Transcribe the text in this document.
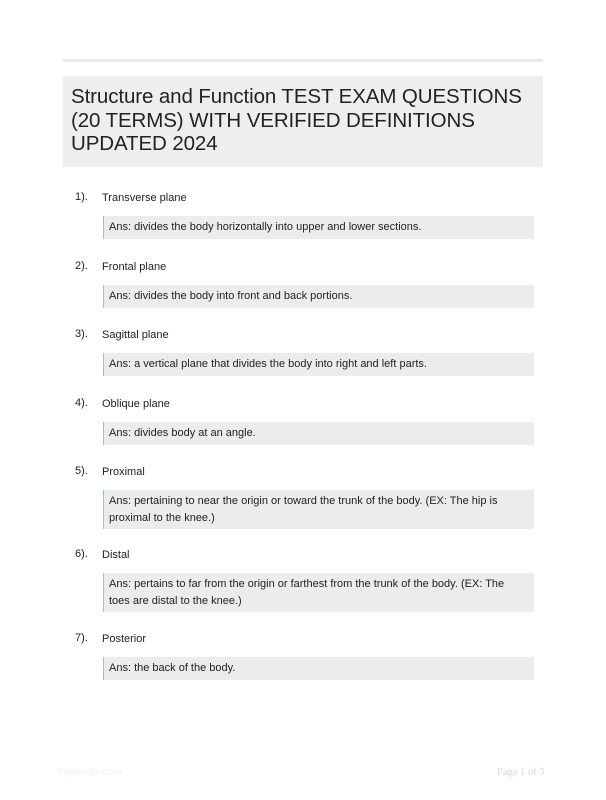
Structure and Function TEST EXAM QUESTIONS (20 TERMS) WITH VERIFIED DEFINITIONS UPDATED 2024
1). Transverse plane
Ans: divides the body horizontally into upper and lower sections.
2). Frontal plane
Ans: divides the body into front and back portions.
3). Sagittal plane
Ans: a vertical plane that divides the body into right and left parts.
4). Oblique plane
Ans: divides body at an angle.
5). Proximal
Ans: pertaining to near the origin or toward the trunk of the body. (EX: The hip is proximal to the knee.)
6). Distal
Ans: pertains to far from the origin or farthest from the trunk of the body. (EX: The toes are distal to the knee.)
7). Posterior
Ans: the back of the body.
Paperhbs.com	Page 1 of 3
